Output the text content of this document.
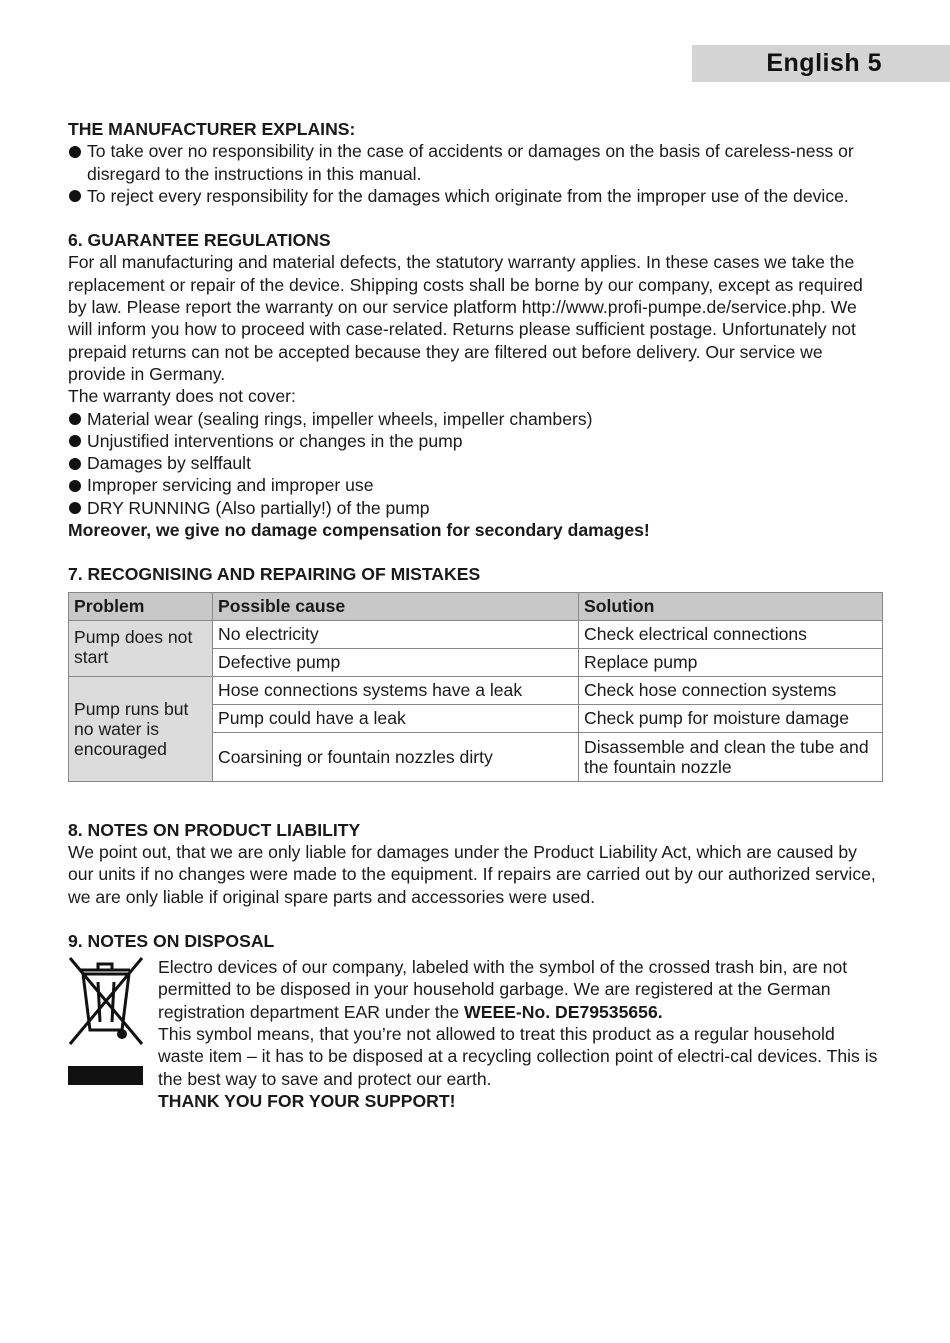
English 5
THE MANUFACTURER EXPLAINS:
To take over no responsibility in the case of accidents or damages on the basis of careless-ness or disregard to the instructions in this manual.
To reject every responsibility for the damages which originate from the improper use of the device.
6. GUARANTEE REGULATIONS

For all manufacturing and material defects, the statutory warranty applies. In these cases we take the replacement or repair of the device. Shipping costs shall be borne by our company, except as required by law. Please report the warranty on our service platform http://www.profi-pumpe.de/service.php. We will inform you how to proceed with case-related. Returns please sufficient postage. Unfortunately not prepaid returns can not be accepted because they are filtered out before delivery. Our service we provide in Germany.

The warranty does not cover:

Material wear (sealing rings, impeller wheels, impeller chambers)
Unjustified interventions or changes in the pump
Damages by selffault
Improper servicing and improper use
DRY RUNNING (Also partially!) of the pump

Moreover, we give no damage compensation for secondary damages!

7. RECOGNISING AND REPAIRING OF MISTAKES
Problem	Possible cause	Solution
Pump does not start	No electricity	Check electrical connections
	Defective pump	Replace pump
Pump runs but no water is encouraged	Hose connections systems have a leak	Check hose connection systems
	Pump could have a leak	Check pump for moisture damage
	Coarsining or fountain nozzles dirty	Disassemble and clean the tube and the fountain nozzle
8. NOTES ON PRODUCT LIABILITY

We point out, that we are only liable for damages under the Product Liability Act, which are caused by our units if no changes were made to the equipment. If repairs are carried out by our authorized service, we are only liable if original spare parts and accessories were used.

9. NOTES ON DISPOSAL

Electro devices of our company, labeled with the symbol of the crossed trash bin, are not permitted to be disposed in your household garbage. We are registered at the German registration department EAR under the WEEE-No. DE79535656.

This symbol means, that you’re not allowed to treat this product as a regular household waste item – it has to be disposed at a recycling collection point of electri-cal devices. This is the best way to save and protect our earth.

THANK YOU FOR YOUR SUPPORT!
